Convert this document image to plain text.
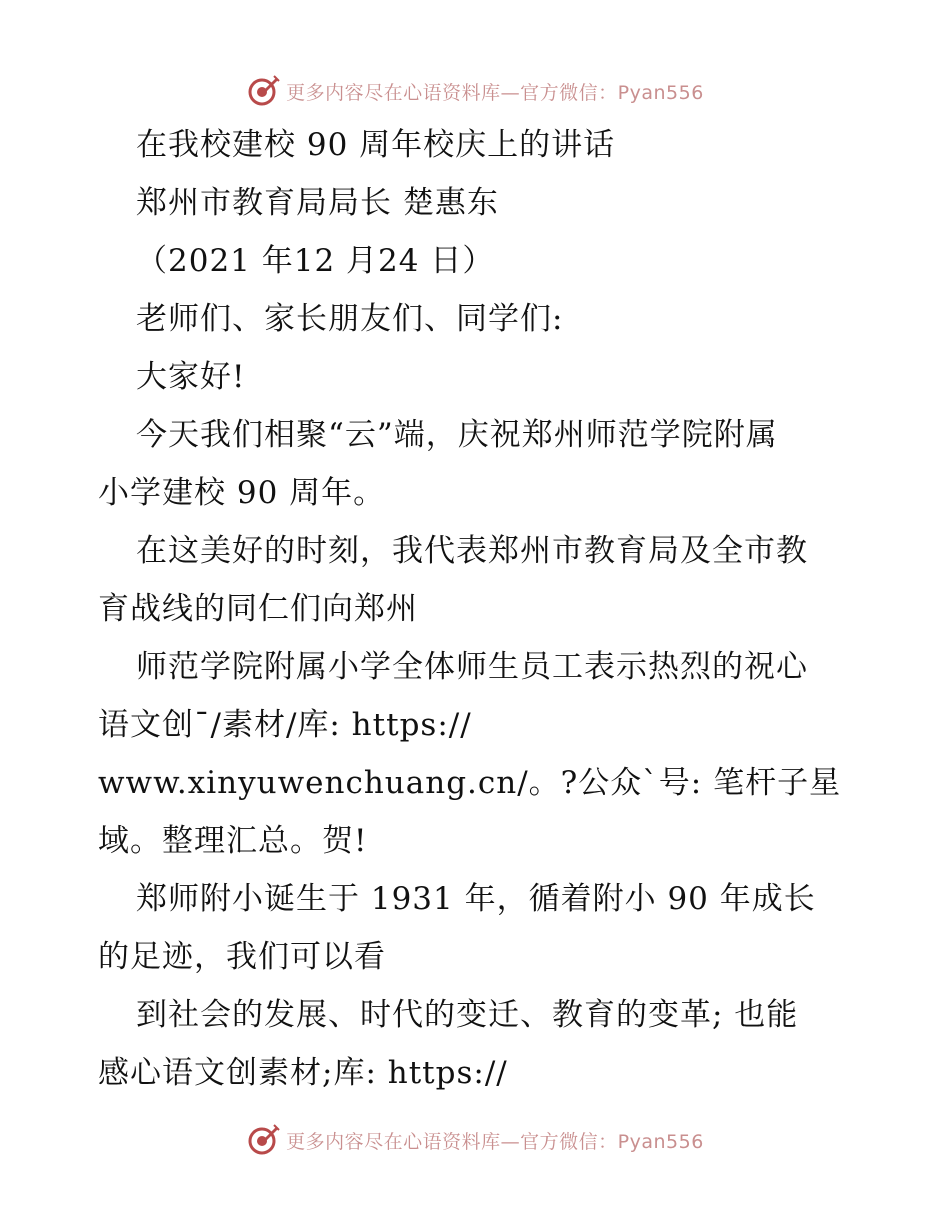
更多内容尽在心语资料库—官方微信：Pyan556
在我校建校 90 周年校庆上的讲话
郑州市教育局局长 楚惠东
（2021 年12 月24 日）
老师们、家长朋友们、同学们:
大家好!
今天我们相聚“云”端，庆祝郑州师范学院附属
小学建校 90 周年。
在这美好的时刻，我代表郑州市教育局及全市教
育战线的同仁们向郑州
师范学院附属小学全体师生员工表示热烈的祝心
语文创¯/素材/库: https://
www.xinyuwenchuang.cn/。?公众`号: 笔杆子星
域。整理汇总。贺!
郑师附小诞生于 1931 年，循着附小 90 年成长
的足迹，我们可以看
到社会的发展、时代的变迁、教育的变革; 也能
感心语文创素材;库: https://
更多内容尽在心语资料库—官方微信：Pyan556
